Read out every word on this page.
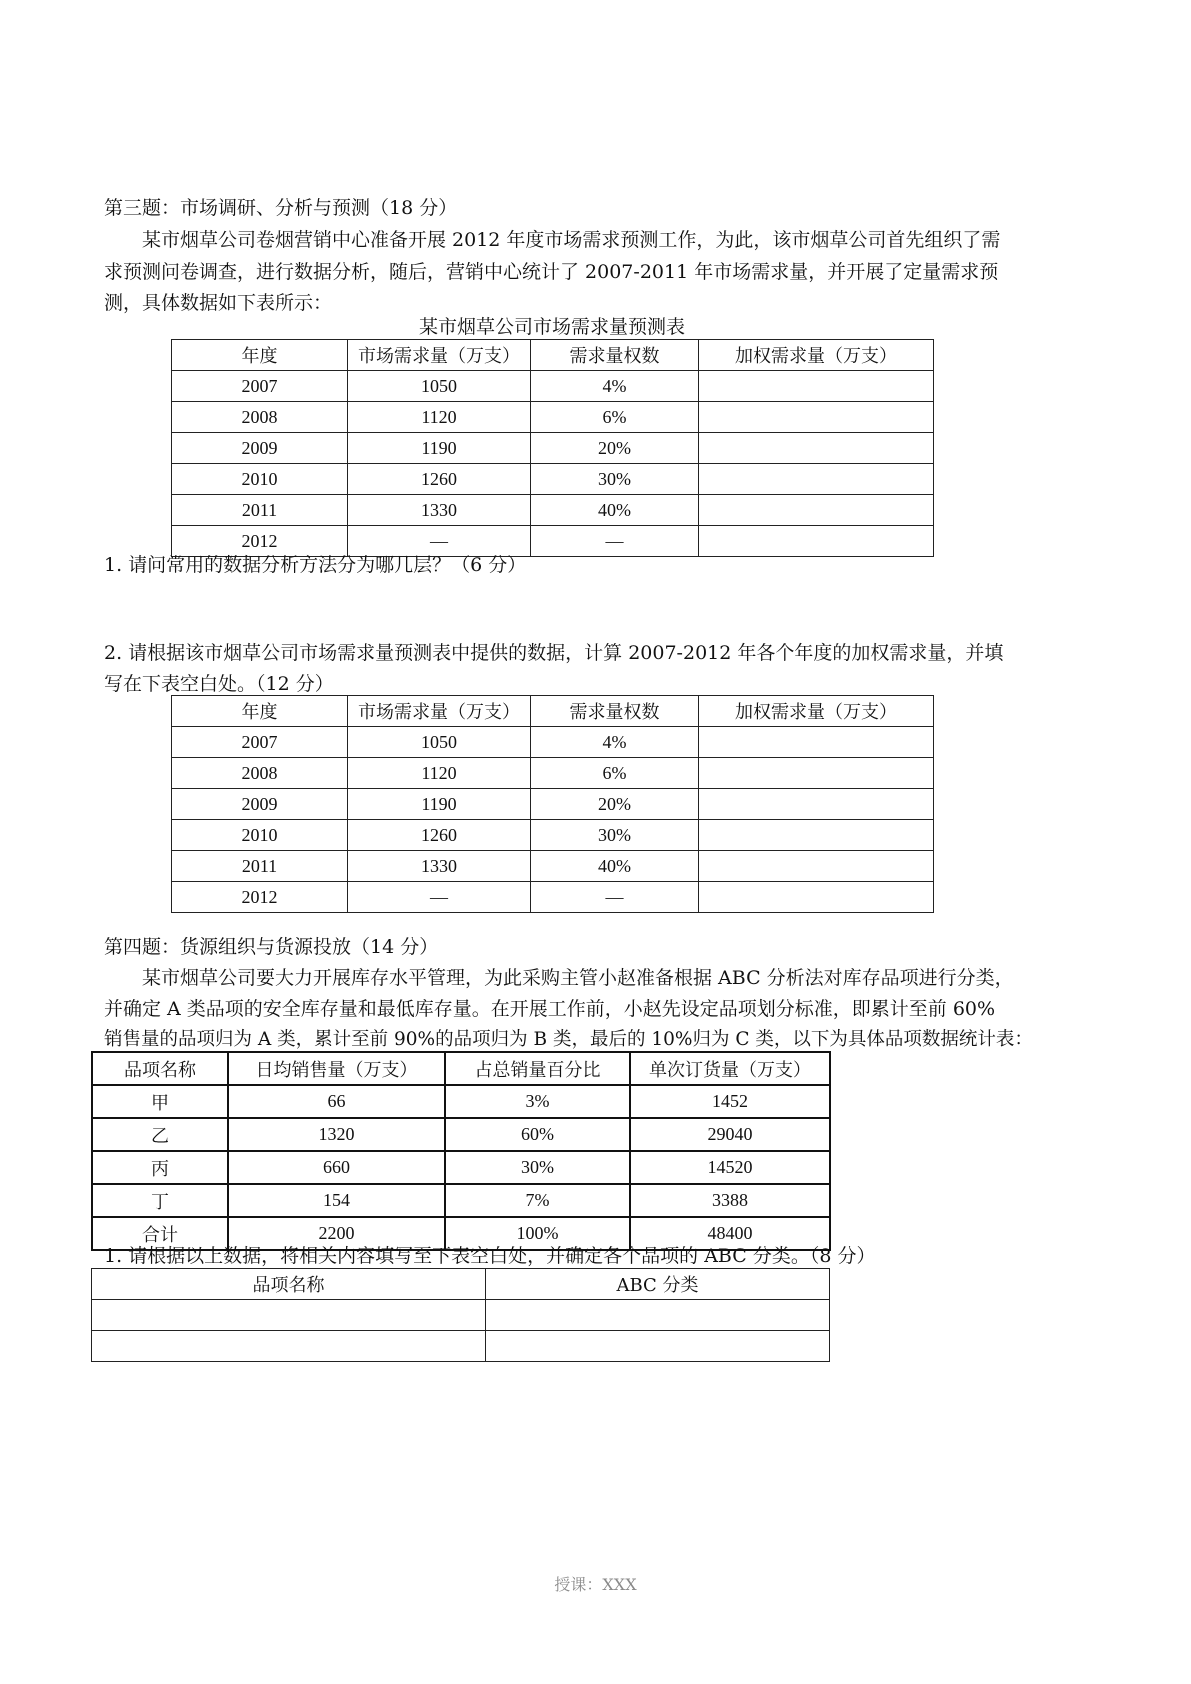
第三题：市场调研、分析与预测（18 分）
某市烟草公司卷烟营销中心准备开展 2012 年度市场需求预测工作，为此，该市烟草公司首先组织了需
求预测问卷调查，进行数据分析，随后，营销中心统计了 2007-2011 年市场需求量，并开展了定量需求预
测，具体数据如下表所示：
某市烟草公司市场需求量预测表
年度	市场需求量（万支）	需求量权数	加权需求量（万支）
2007	1050	4%	
2008	1120	6%	
2009	1190	20%	
2010	1260	30%	
2011	1330	40%	
2012	—	—	
1. 请问常用的数据分析方法分为哪几层？（6 分）
2. 请根据该市烟草公司市场需求量预测表中提供的数据，计算 2007-2012 年各个年度的加权需求量，并填
写在下表空白处。（12 分）
年度	市场需求量（万支）	需求量权数	加权需求量（万支）
2007	1050	4%	
2008	1120	6%	
2009	1190	20%	
2010	1260	30%	
2011	1330	40%	
2012	—	—	
第四题：货源组织与货源投放（14 分）
某市烟草公司要大力开展库存水平管理，为此采购主管小赵准备根据 ABC 分析法对库存品项进行分类，
并确定 A 类品项的安全库存量和最低库存量。在开展工作前，小赵先设定品项划分标准，即累计至前 60%
销售量的品项归为 A 类，累计至前 90%的品项归为 B 类，最后的 10%归为 C 类，以下为具体品项数据统计表：
品项名称	日均销售量（万支）	占总销量百分比	单次订货量（万支）
甲	66	3%	1452
乙	1320	60%	29040
丙	660	30%	14520
丁	154	7%	3388
合计	2200	100%	48400
1. 请根据以上数据，将相关内容填写至下表空白处，并确定各个品项的 ABC 分类。（8 分）
品项名称	ABC 分类

授课：XXX
